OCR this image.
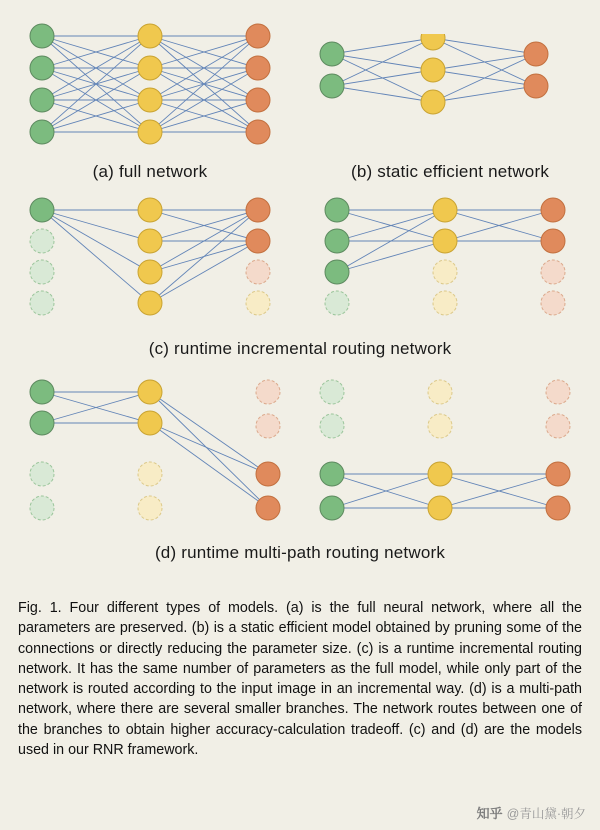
(a) full network	(b) static efficient network
(c) runtime incremental routing network
(d) runtime multi-path routing network
Fig. 1. Four different types of models. (a) is the full neural network, where all the parameters are preserved. (b) is a static efficient model obtained by pruning some of the connections or directly reducing the parameter size. (c) is a runtime incremental routing network. It has the same number of parameters as the full model, while only part of the network is routed according to the input image in an incremental way. (d) is a multi-path network, where there are several smaller branches. The network routes between one of the branches to obtain higher accuracy-calculation tradeoff. (c) and (d) are the models used in our RNR framework.
知乎 @青山黛·朝夕
